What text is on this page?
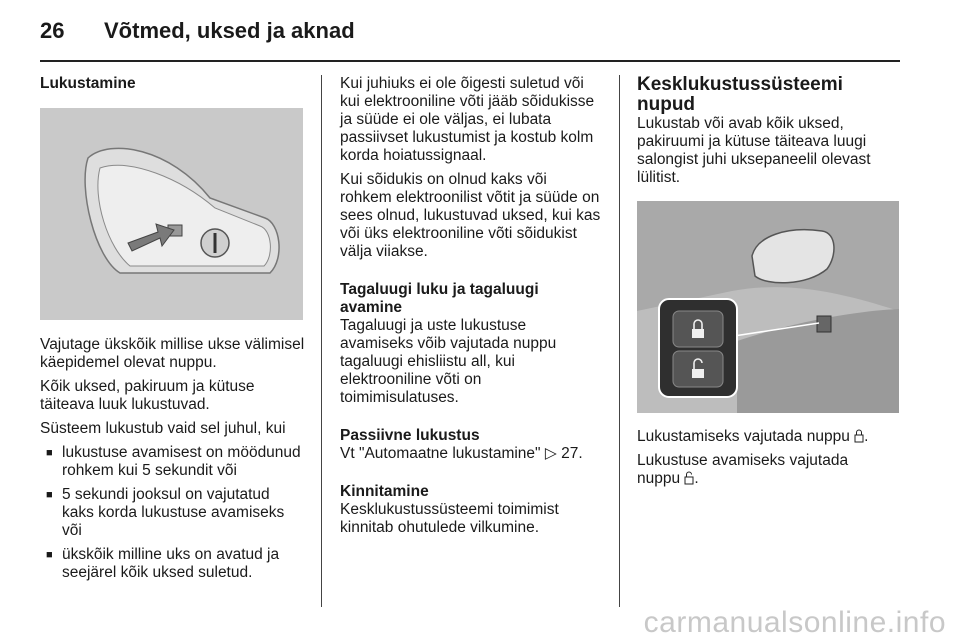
26	Võtmed, uksed ja aknad
Lukustamine

Vajutage ükskõik millise ukse välimisel käepidemel olevat nuppu.

Kõik uksed, pakiruum ja kütuse täiteava luuk lukustuvad.

Süsteem lukustub vaid sel juhul, kui

■ lukustuse avamisest on möödunud rohkem kui 5 sekundit või
■ 5 sekundi jooksul on vajutatud kaks korda lukustuse avamiseks või
■ ükskõik milline uks on avatud ja seejärel kõik uksed suletud.

Kui juhiuks ei ole õigesti suletud või kui elektrooniline võti jääb sõidukisse ja süüde ei ole väljas, ei lubata passiivset lukustumist ja kostub kolm korda hoiatussignaal.

Kui sõidukis on olnud kaks või rohkem elektroonilist võtit ja süüde on sees olnud, lukustuvad uksed, kui kas või üks elektrooniline võti sõidukist välja viiakse.

Tagaluugi luku ja tagaluugi avamine

Tagaluugi ja uste lukustuse avamiseks võib vajutada nuppu tagaluugi ehisliistu all, kui elektrooniline võti on toimimisulatuses.

Passiivne lukustus

Vt "Automaatne lukustamine" ▷ 27.

Kinnitamine

Kesklukustussüsteemi toimimist kinnitab ohutulede vilkumine.

Kesklukustussüsteemi nupud

Lukustab või avab kõik uksed, pakiruumi ja kütuse täiteava luugi salongist juhi uksepaneelil olevast lülitist.

Lukustamiseks vajutada nuppu .

Lukustuse avamiseks vajutada
nuppu .

carmanualsonline.info
